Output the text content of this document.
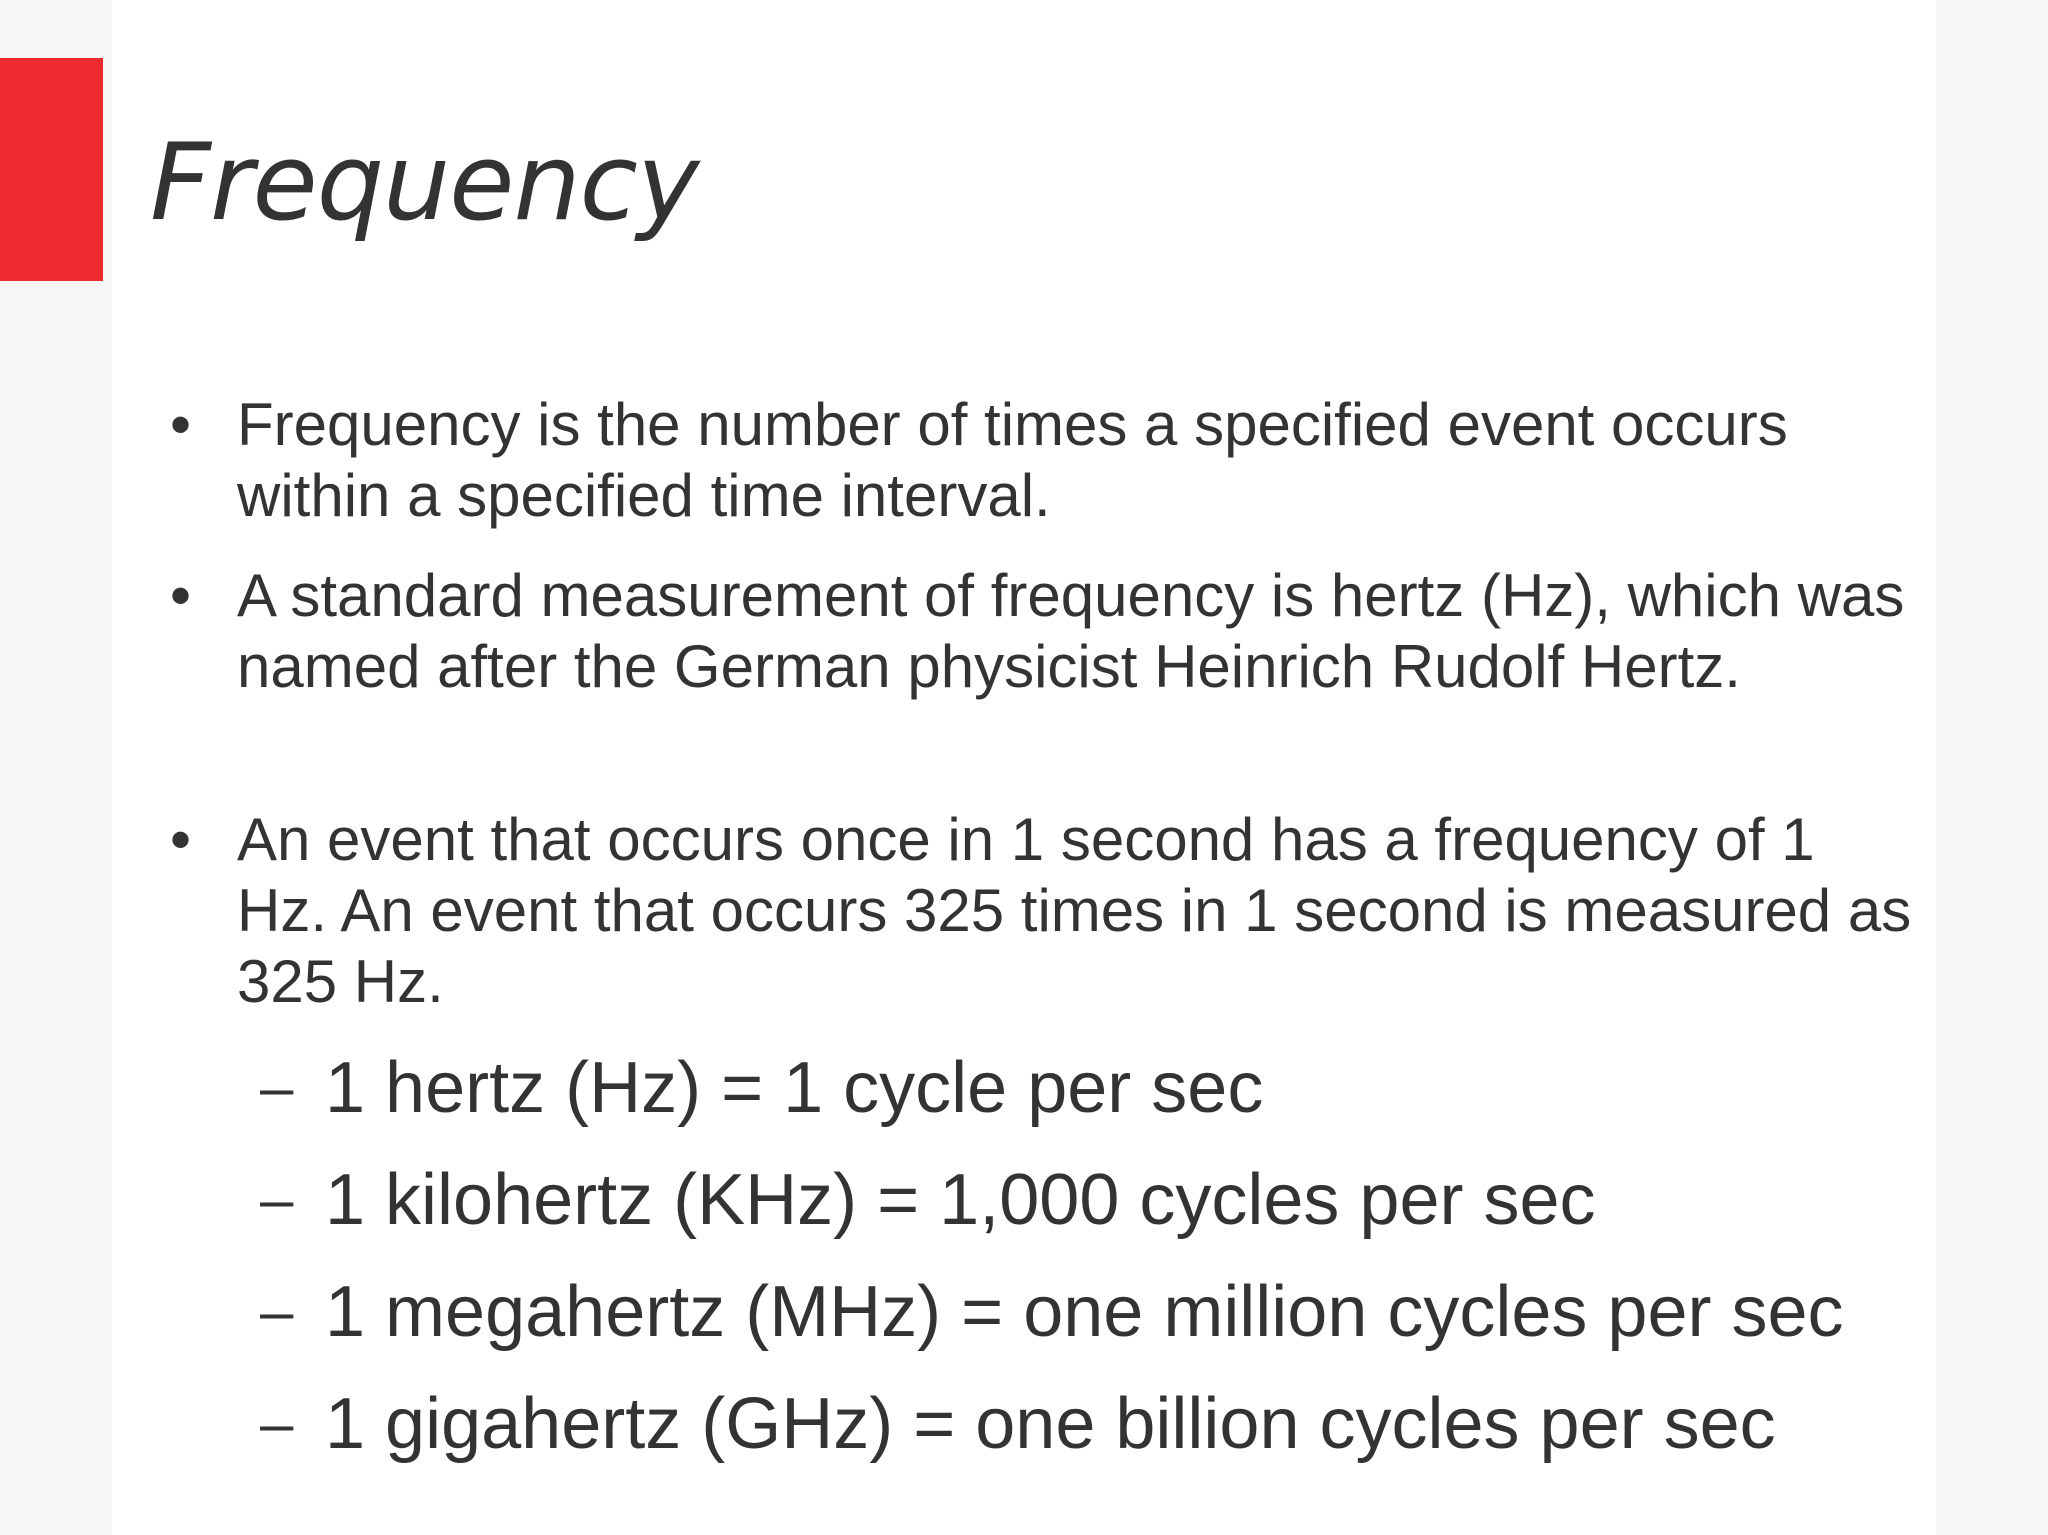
Frequency
• Frequency is the number of times a specified event occurs within a specified time interval.
• A standard measurement of frequency is hertz (Hz), which was named after the German physicist Heinrich Rudolf Hertz.
• An event that occurs once in 1 second has a frequency of 1 Hz. An event that occurs 325 times in 1 second is measured as 325 Hz.
– 1 hertz (Hz) = 1 cycle per sec
– 1 kilohertz (KHz) = 1,000 cycles per sec
– 1 megahertz (MHz) = one million cycles per sec
– 1 gigahertz (GHz) = one billion cycles per sec
